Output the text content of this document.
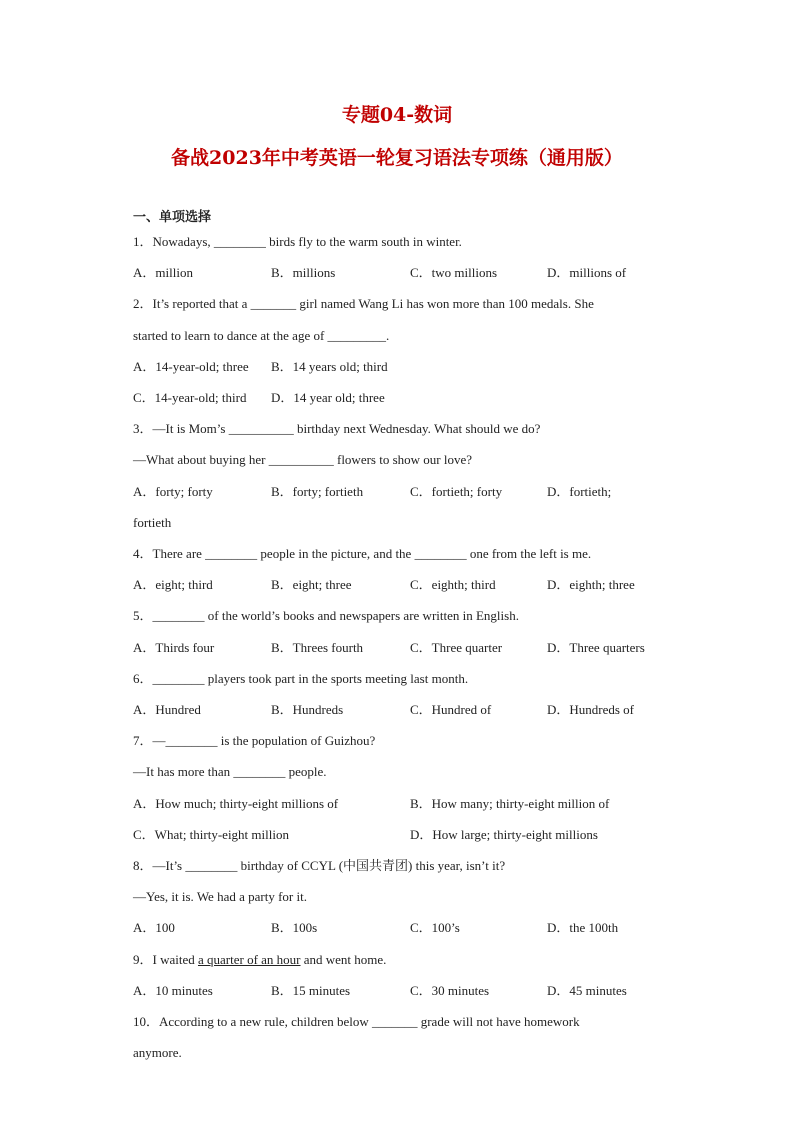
专题04-数词
备战2023年中考英语一轮复习语法专项练（通用版）
一、单项选择
1．Nowadays, ________ birds fly to the warm south in winter.
A．million	B．millions	C．two millions	D．millions of
2．It’s reported that a _______ girl named Wang Li has won more than 100 medals. She
started to learn to dance at the age of _________.
A．14-year-old; three B．14 years old; third
C．14-year-old; third D．14 year old; three
3．—It is Mom’s __________ birthday next Wednesday. What should we do?
—What about buying her __________ flowers to show our love?
A．forty; forty	B．forty; fortieth	C．fortieth; forty	D．fortieth;
fortieth
4．There are ________ people in the picture, and the ________ one from the left is me.
A．eight; third	B．eight; three	C．eighth; third	D．eighth; three
5．________ of the world’s books and newspapers are written in English.
A．Thirds four	B．Threes fourth	C．Three quarter	D．Three quarters
6．________ players took part in the sports meeting last month.
A．Hundred	B．Hundreds	C．Hundred of	D．Hundreds of
7．—________ is the population of Guizhou?
—It has more than ________ people.
A．How much; thirty-eight millions of	B．How many; thirty-eight million of
C．What; thirty-eight million	D．How large; thirty-eight millions
8．—It’s ________ birthday of CCYL (中国共青团) this year, isn’t it?
—Yes, it is. We had a party for it.
A．100	B．100s	C．100’s	D．the 100th
9．I waited a quarter of an hour and went home.
A．10 minutes	B．15 minutes	C．30 minutes	D．45 minutes
10．According to a new rule, children below _______ grade will not have homework
anymore.
